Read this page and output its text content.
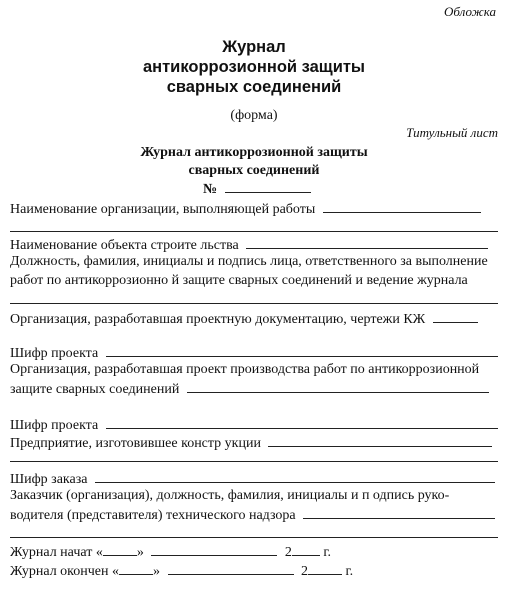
Обложка
Журнал
антикоррозионной защиты
сварных соединений
(форма)
Титульный лист
Журнал антикоррозионной защиты
сварных соединений
№
Наименование организации, выполняющей работы
Наименование объекта строите льства
Должность, фамилия, инициалы и подпись лица, ответственного за выполнение
работ по антикоррозионно й защите сварных соединений и ведение журнала
Организация, разработавшая проектную документацию, чертежи КЖ
Шифр проекта
Организация, разработавшая проект производства работ по антикоррозионной
защите сварных соединений
Шифр проекта
Предприятие, изготовившее констр укции
Шифр заказа
Заказчик (организация), должность, фамилия, инициалы и п одпись руко-
водителя (представителя) технического надзора
Журнал начат « »	2 г.
Журнал окончен « »	2	г.
